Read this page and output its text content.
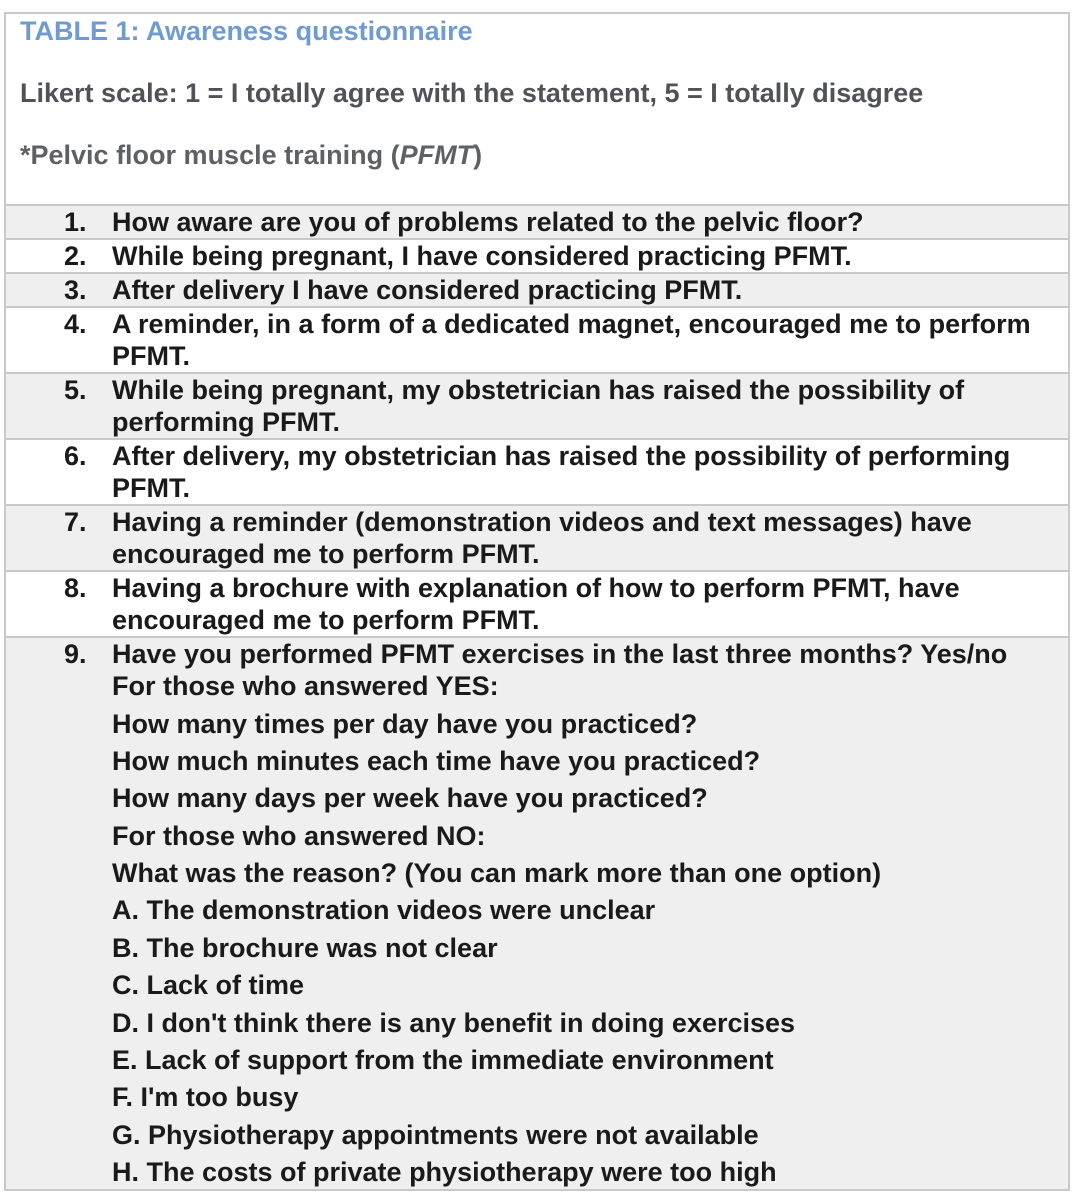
TABLE 1: Awareness questionnaire
Likert scale: 1 = I totally agree with the statement, 5 = I totally disagree
*Pelvic floor muscle training (PFMT)
1. How aware are you of problems related to the pelvic floor?
2. While being pregnant, I have considered practicing PFMT.
3. After delivery I have considered practicing PFMT.
4. A reminder, in a form of a dedicated magnet, encouraged me to perform PFMT.
5. While being pregnant, my obstetrician has raised the possibility of performing PFMT.
6. After delivery, my obstetrician has raised the possibility of performing PFMT.
7. Having a reminder (demonstration videos and text messages) have encouraged me to perform PFMT.
8. Having a brochure with explanation of how to perform PFMT, have encouraged me to perform PFMT.
9. Have you performed PFMT exercises in the last three months? Yes/no
For those who answered YES:
How many times per day have you practiced?
How much minutes each time have you practiced?
How many days per week have you practiced?
For those who answered NO:
What was the reason? (You can mark more than one option)
A. The demonstration videos were unclear
B. The brochure was not clear
C. Lack of time
D. I don't think there is any benefit in doing exercises
E. Lack of support from the immediate environment
F. I'm too busy
G. Physiotherapy appointments were not available
H. The costs of private physiotherapy were too high
